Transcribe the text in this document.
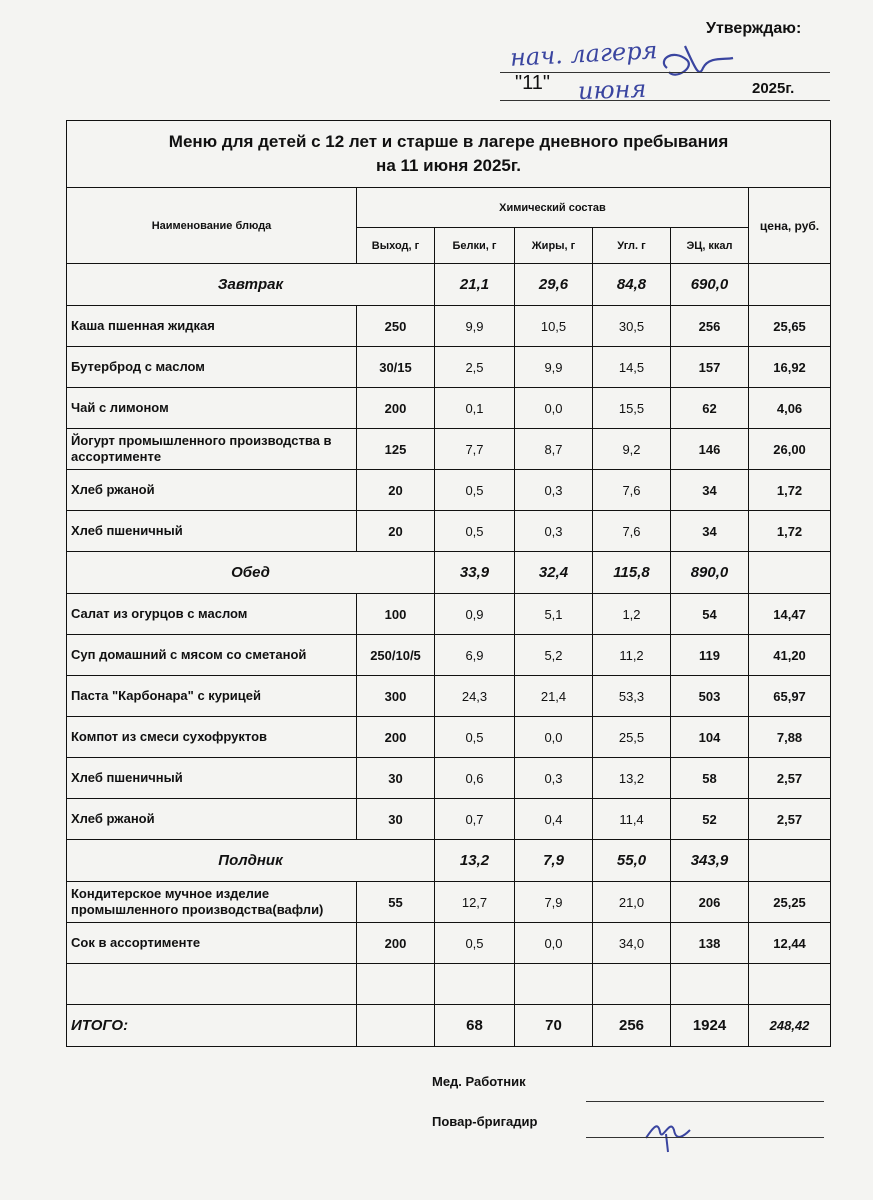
Утверждаю:
нач. лагеря
"11" июня	2025г.
Меню для детей с 12 лет и старше в лагере дневного пребывания
на 11 июня 2025г.						
Наименование блюда	Химический состав					цена, руб.
	Выход, г	Белки, г	Жиры, г	Угл. г	ЭЦ, ккал	
Завтрак		21,1	29,6	84,8	690,0	
Каша пшенная жидкая	250	9,9	10,5	30,5	256	25,65
Бутерброд с маслом	30/15	2,5	9,9	14,5	157	16,92
Чай с лимоном	200	0,1	0,0	15,5	62	4,06
Йогурт промышленного производства в ассортименте	125	7,7	8,7	9,2	146	26,00
Хлеб ржаной	20	0,5	0,3	7,6	34	1,72
Хлеб пшеничный	20	0,5	0,3	7,6	34	1,72
Обед		33,9	32,4	115,8	890,0	
Салат из огурцов с маслом	100	0,9	5,1	1,2	54	14,47
Суп домашний с мясом со сметаной	250/10/5	6,9	5,2	11,2	119	41,20
Паста "Карбонара" с курицей	300	24,3	21,4	53,3	503	65,97
Компот из смеси сухофруктов	200	0,5	0,0	25,5	104	7,88
Хлеб пшеничный	30	0,6	0,3	13,2	58	2,57
Хлеб ржаной	30	0,7	0,4	11,4	52	2,57
Полдник		13,2	7,9	55,0	343,9	
Кондитерское мучное изделие промышленного производства(вафли)	55	12,7	7,9	21,0	206	25,25
Сок в ассортименте	200	0,5	0,0	34,0	138	12,44

ИТОГО:		68	70	256	1924	248,42
Мед. Работник
Повар-бригадир
